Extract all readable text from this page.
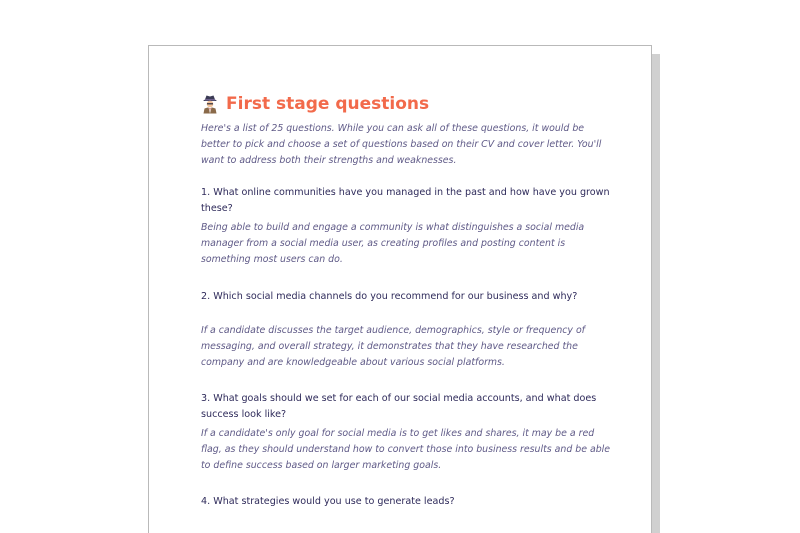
First stage questions

Here's a list of 25 questions. While you can ask all of these questions, it would be better to pick and choose a set of questions based on their CV and cover letter. You'll want to address both their strengths and weaknesses.

1. What online communities have you managed in the past and how have you grown these?

Being able to build and engage a community is what distinguishes a social media manager from a social media user, as creating profiles and posting content is something most users can do.

2. Which social media channels do you recommend for our business and why?

If a candidate discusses the target audience, demographics, style or frequency of messaging, and overall strategy, it demonstrates that they have researched the company and are knowledgeable about various social platforms.

3. What goals should we set for each of our social media accounts, and what does success look like?

If a candidate's only goal for social media is to get likes and shares, it may be a red flag, as they should understand how to convert those into business results and be able to define success based on larger marketing goals.

4. What strategies would you use to generate leads?
